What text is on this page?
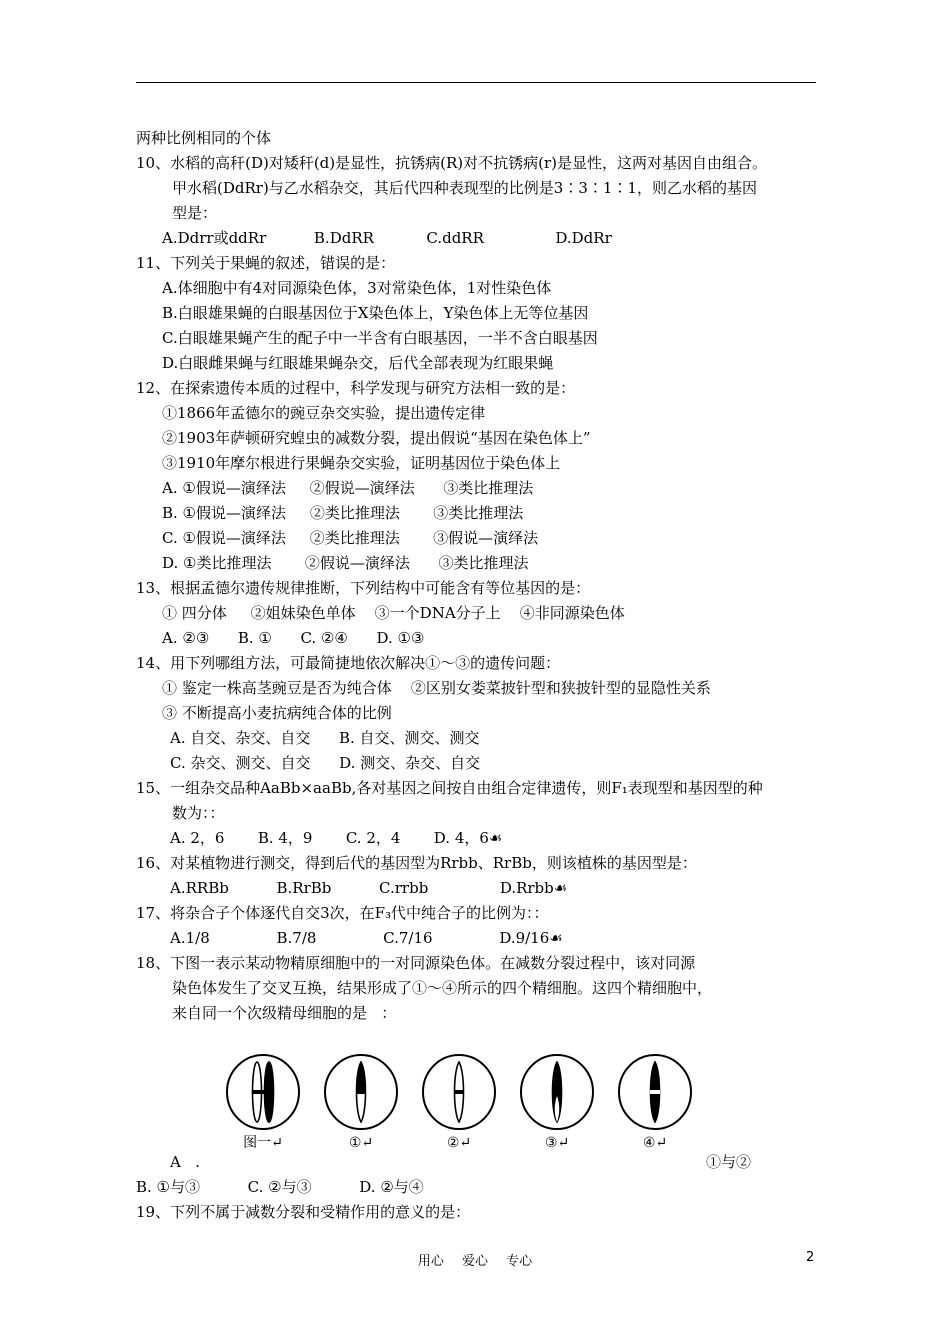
两种比例相同的个体
10、水稻的高秆(D)对矮秆(d)是显性，抗锈病(R)对不抗锈病(r)是显性，这两对基因自由组合。
甲水稻(DdRr)与乙水稻杂交，其后代四种表现型的比例是3∶3∶1∶1，则乙水稻的基因
型是：
A.Ddrr或ddRr          B.DdRR           C.ddRR               D.DdRr
11、下列关于果蝇的叙述，错误的是：
A.体细胞中有4对同源染色体，3对常染色体，1对性染色体
B.白眼雄果蝇的白眼基因位于X染色体上，Y染色体上无等位基因
C.白眼雄果蝇产生的配子中一半含有白眼基因，一半不含白眼基因
D.白眼雌果蝇与红眼雄果蝇杂交，后代全部表现为红眼果蝇
12、在探索遗传本质的过程中，科学发现与研究方法相一致的是：
①1866年孟德尔的豌豆杂交实验，提出遗传定律
②1903年萨顿研究蝗虫的减数分裂，提出假说“基因在染色体上”
③1910年摩尔根进行果蝇杂交实验，证明基因位于染色体上
A. ①假说—演绎法     ②假说—演绎法      ③类比推理法
B. ①假说—演绎法     ②类比推理法       ③类比推理法
C. ①假说—演绎法     ②类比推理法       ③假说—演绎法
D. ①类比推理法       ②假说—演绎法      ③类比推理法
13、根据孟德尔遗传规律推断，下列结构中可能含有等位基因的是：
① 四分体     ②姐妹染色单体    ③一个DNA分子上    ④非同源染色体
A. ②③      B. ①      C. ②④      D. ①③
14、用下列哪组方法，可最简捷地依次解决①～③的遗传问题：
① 鉴定一株高茎豌豆是否为纯合体    ②区别女娄菜披针型和狭披针型的显隐性关系
③ 不断提高小麦抗病纯合体的比例
A. 自交、杂交、自交      B. 自交、测交、测交
C. 杂交、测交、自交      D. 测交、杂交、自交
15、一组杂交品种AaBb×aaBb,各对基因之间按自由组合定律遗传，则F₁表现型和基因型的种
数为：：
A. 2，6       B. 4，9       C. 2，4       D. 4，6☙
16、对某植物进行测交，得到后代的基因型为Rrbb、RrBb，则该植株的基因型是：
A.RRBb          B.RrBb          C.rrbb               D.Rrbb☙
17、将杂合子个体逐代自交3次，在F₃代中纯合子的比例为：：
A.1/8              B.7/8              C.7/16              D.9/16☙
18、下图一表示某动物精原细胞中的一对同源染色体。在减数分裂过程中，该对同源
染色体发生了交叉互换，结果形成了①～④所示的四个精细胞。这四个精细胞中，
来自同一个次级精母细胞的是   ：
A   .	①与②
B. ①与③          C. ②与③          D. ②与④
19、下列不属于减数分裂和受精作用的意义的是：
图一↵	①↵	②↵	③↵	④↵
用心 爱心 专心	2
